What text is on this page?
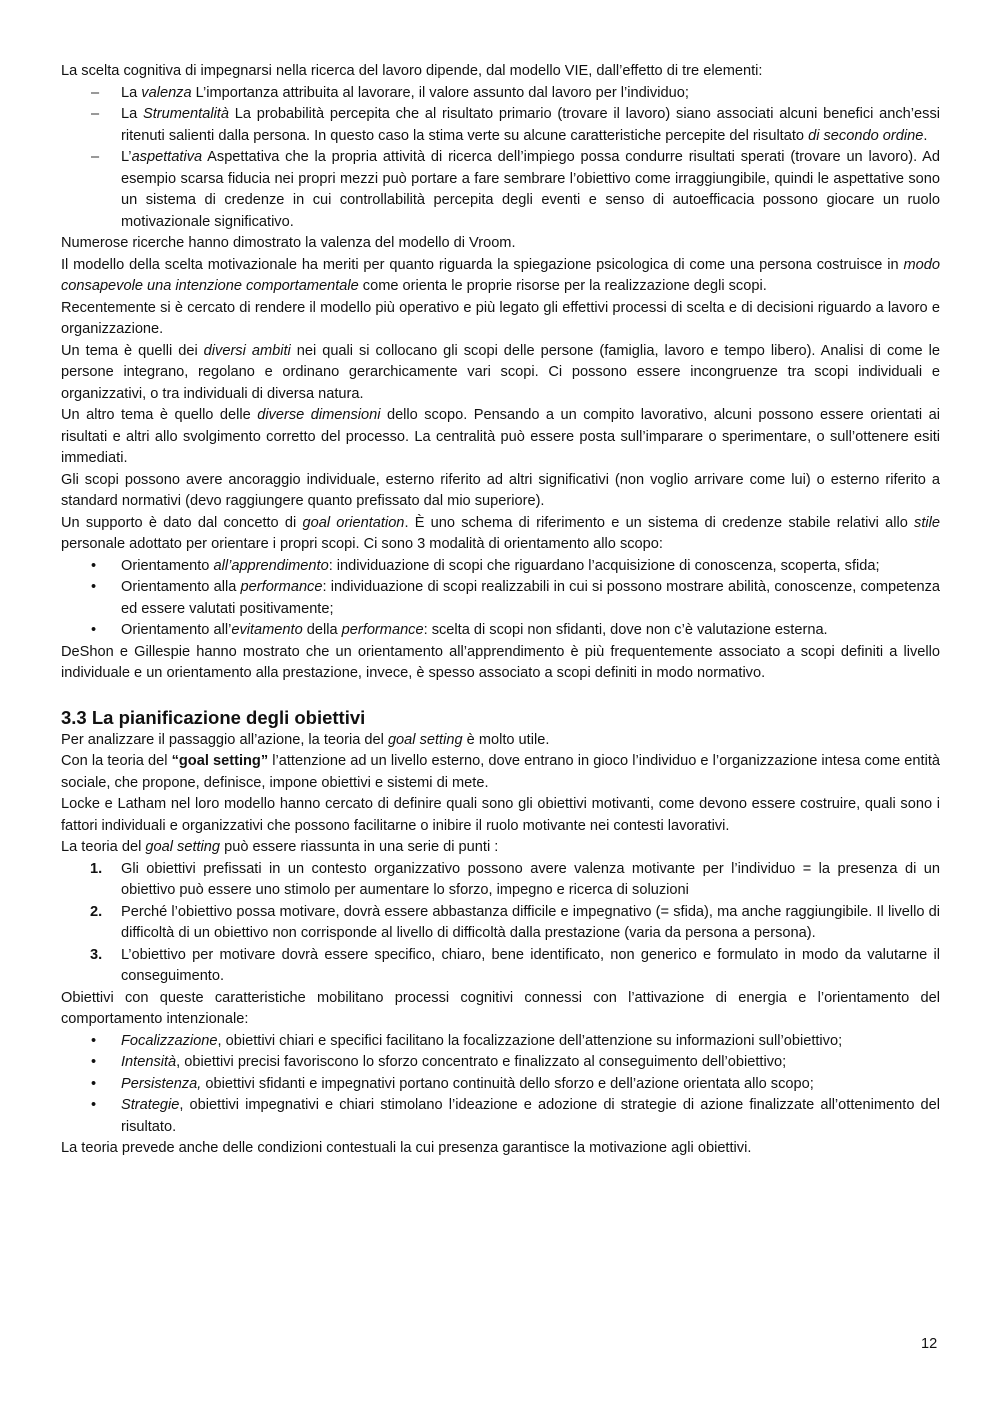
La scelta cognitiva di impegnarsi nella ricerca del lavoro dipende, dal modello VIE, dall’effetto di tre elementi:

– La valenza L’importanza attribuita al lavorare, il valore assunto dal lavoro per l’individuo;
– La Strumentalità La probabilità percepita che al risultato primario (trovare il lavoro) siano associati alcuni benefici anch’essi ritenuti salienti dalla persona. In questo caso la stima verte su alcune caratteristiche percepite del risultato di secondo ordine.
– L’aspettativa Aspettativa che la propria attività di ricerca dell’impiego possa condurre risultati sperati (trovare un lavoro). Ad esempio scarsa fiducia nei propri mezzi può portare a fare sembrare l’obiettivo come irraggiungibile, quindi le aspettative sono un sistema di credenze in cui controllabilità percepita degli eventi e senso di autoefficacia possono giocare un ruolo motivazionale significativo.

Numerose ricerche hanno dimostrato la valenza del modello di Vroom.

Il modello della scelta motivazionale ha meriti per quanto riguarda la spiegazione psicologica di come una persona costruisce in modo consapevole una intenzione comportamentale come orienta le proprie risorse per la realizzazione degli scopi.

Recentemente si è cercato di rendere il modello più operativo e più legato gli effettivi processi di scelta e di decisioni riguardo a lavoro e organizzazione.

Un tema è quelli dei diversi ambiti nei quali si collocano gli scopi delle persone (famiglia, lavoro e tempo libero). Analisi di come le persone integrano, regolano e ordinano gerarchicamente vari scopi. Ci possono essere incongruenze tra scopi individuali e organizzativi, o tra individuali di diversa natura.

Un altro tema è quello delle diverse dimensioni dello scopo. Pensando a un compito lavorativo, alcuni possono essere orientati ai risultati e altri allo svolgimento corretto del processo. La centralità può essere posta sull’imparare o sperimentare, o sull’ottenere esiti immediati.

Gli scopi possono avere ancoraggio individuale, esterno riferito ad altri significativi (non voglio arrivare come lui) o esterno riferito a standard normativi (devo raggiungere quanto prefissato dal mio superiore).

Un supporto è dato dal concetto di goal orientation. È uno schema di riferimento e un sistema di credenze stabile relativi allo stile personale adottato per orientare i propri scopi. Ci sono 3 modalità di orientamento allo scopo:

• Orientamento all’apprendimento: individuazione di scopi che riguardano l’acquisizione di conoscenza, scoperta, sfida;
• Orientamento alla performance: individuazione di scopi realizzabili in cui si possono mostrare abilità, conoscenze, competenza ed essere valutati positivamente;
• Orientamento all’evitamento della performance: scelta di scopi non sfidanti, dove non c’è valutazione esterna.

DeShon e Gillespie hanno mostrato che un orientamento all’apprendimento è più frequentemente associato a scopi definiti a livello individuale e un orientamento alla prestazione, invece, è spesso associato a scopi definiti in modo normativo.

3.3 La pianificazione degli obiettivi

Per analizzare il passaggio all’azione, la teoria del goal setting è molto utile.

Con la teoria del “goal setting” l’attenzione ad un livello esterno, dove entrano in gioco l’individuo e l’organizzazione intesa come entità sociale, che propone, definisce, impone obiettivi e sistemi di mete.

Locke e Latham nel loro modello hanno cercato di definire quali sono gli obiettivi motivanti, come devono essere costruire, quali sono i fattori individuali e organizzativi che possono facilitarne o inibire il ruolo motivante nei contesti lavorativi.

La teoria del goal setting può essere riassunta in una serie di punti :

1. Gli obiettivi prefissati in un contesto organizzativo possono avere valenza motivante per l’individuo = la presenza di un obiettivo può essere uno stimolo per aumentare lo sforzo, impegno e ricerca di soluzioni
2. Perché l’obiettivo possa motivare, dovrà essere abbastanza difficile e impegnativo (= sfida), ma anche raggiungibile. Il livello di difficoltà di un obiettivo non corrisponde al livello di difficoltà dalla prestazione (varia da persona a persona).
3. L’obiettivo per motivare dovrà essere specifico, chiaro, bene identificato, non generico e formulato in modo da valutarne il conseguimento.

Obiettivi con queste caratteristiche mobilitano processi cognitivi connessi con l’attivazione di energia e l’orientamento del comportamento intenzionale:

• Focalizzazione, obiettivi chiari e specifici facilitano la focalizzazione dell’attenzione su informazioni sull’obiettivo;
• Intensità, obiettivi precisi favoriscono lo sforzo concentrato e finalizzato al conseguimento dell’obiettivo;
• Persistenza, obiettivi sfidanti e impegnativi portano continuità dello sforzo e dell’azione orientata allo scopo;
• Strategie, obiettivi impegnativi e chiari stimolano l’ideazione e adozione di strategie di azione finalizzate all’ottenimento del risultato.

La teoria prevede anche delle condizioni contestuali la cui presenza garantisce la motivazione agli obiettivi.

12
